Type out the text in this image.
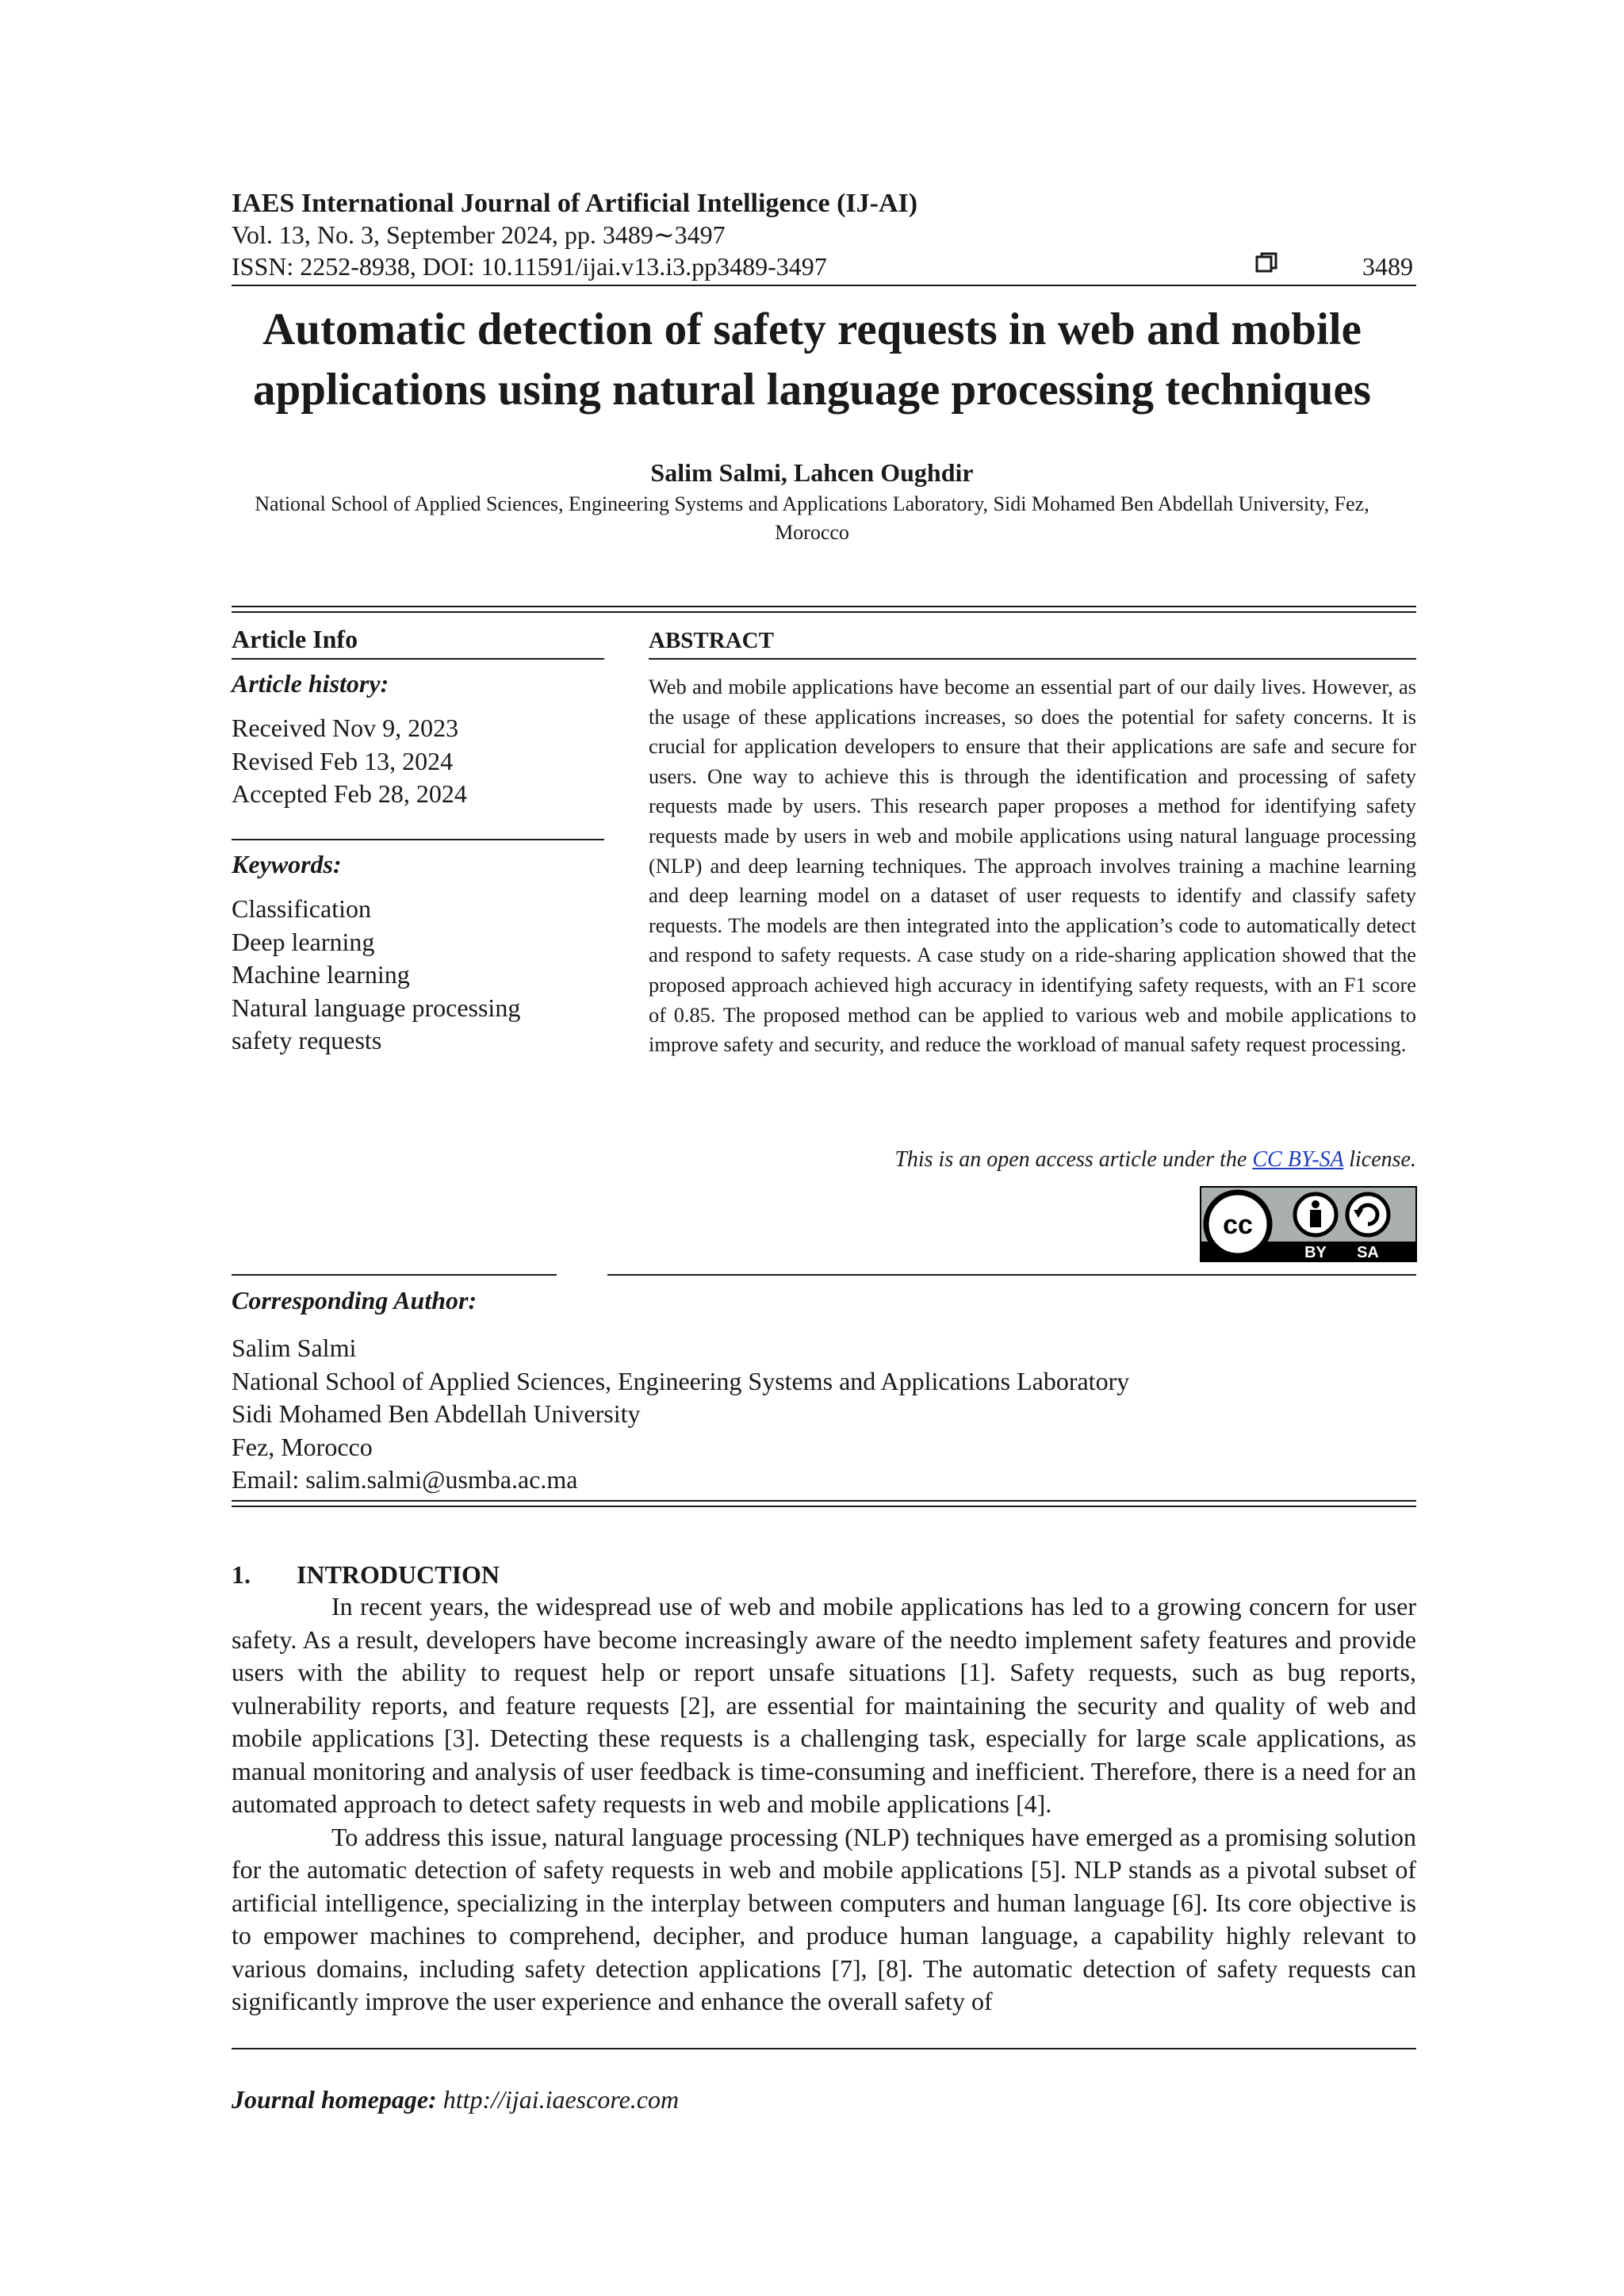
IAES International Journal of Artificial Intelligence (IJ-AI)
Vol. 13, No. 3, September 2024, pp. 3489∼3497
ISSN: 2252-8938, DOI: 10.11591/ijai.v13.i3.pp3489-3497	3489
Automatic detection of safety requests in web and mobile applications using natural language processing techniques
Salim Salmi, Lahcen Oughdir
National School of Applied Sciences, Engineering Systems and Applications Laboratory, Sidi Mohamed Ben Abdellah University, Fez, Morocco
Article Info
Article history:
Received Nov 9, 2023
Revised Feb 13, 2024
Accepted Feb 28, 2024
Keywords:
Classification
Deep learning
Machine learning
Natural language processing
safety requests
ABSTRACT
Web and mobile applications have become an essential part of our daily lives. However, as the usage of these applications increases, so does the potential for safety concerns. It is crucial for application developers to ensure that their applications are safe and secure for users. One way to achieve this is through the identification and processing of safety requests made by users. This research paper proposes a method for identifying safety requests made by users in web and mobile applications using natural language processing (NLP) and deep learning techniques. The approach involves training a machine learning and deep learning model on a dataset of user requests to identify and classify safety requests. The models are then integrated into the application’s code to automatically detect and respond to safety requests. A case study on a ride-sharing application showed that the proposed approach achieved high accuracy in identifying safety requests, with an F1 score of 0.85. The proposed method can be applied to various web and mobile applications to improve safety and security, and reduce the workload of manual safety request processing.
This is an open access article under the CC BY-SA license.
cc
BY SA
Corresponding Author:
Salim Salmi
National School of Applied Sciences, Engineering Systems and Applications Laboratory
Sidi Mohamed Ben Abdellah University
Fez, Morocco
Email: salim.salmi@usmba.ac.ma
1. INTRODUCTION

In recent years, the widespread use of web and mobile applications has led to a growing concern for user safety. As a result, developers have become increasingly aware of the needto implement safety features and provide users with the ability to request help or report unsafe situations [1]. Safety requests, such as bug reports, vulnerability reports, and feature requests [2], are essential for maintaining the security and quality of web and mobile applications [3]. Detecting these requests is a challenging task, especially for large scale applications, as manual monitoring and analysis of user feedback is time-consuming and inefficient. Therefore, there is a need for an automated approach to detect safety requests in web and mobile applications [4].

To address this issue, natural language processing (NLP) techniques have emerged as a promising solution for the automatic detection of safety requests in web and mobile applications [5]. NLP stands as a pivotal subset of artificial intelligence, specializing in the interplay between computers and human language [6]. Its core objective is to empower machines to comprehend, decipher, and produce human language, a capability highly relevant to various domains, including safety detection applications [7], [8]. The automatic detection of safety requests can significantly improve the user experience and enhance the overall safety of

Journal homepage: http://ijai.iaescore.com
